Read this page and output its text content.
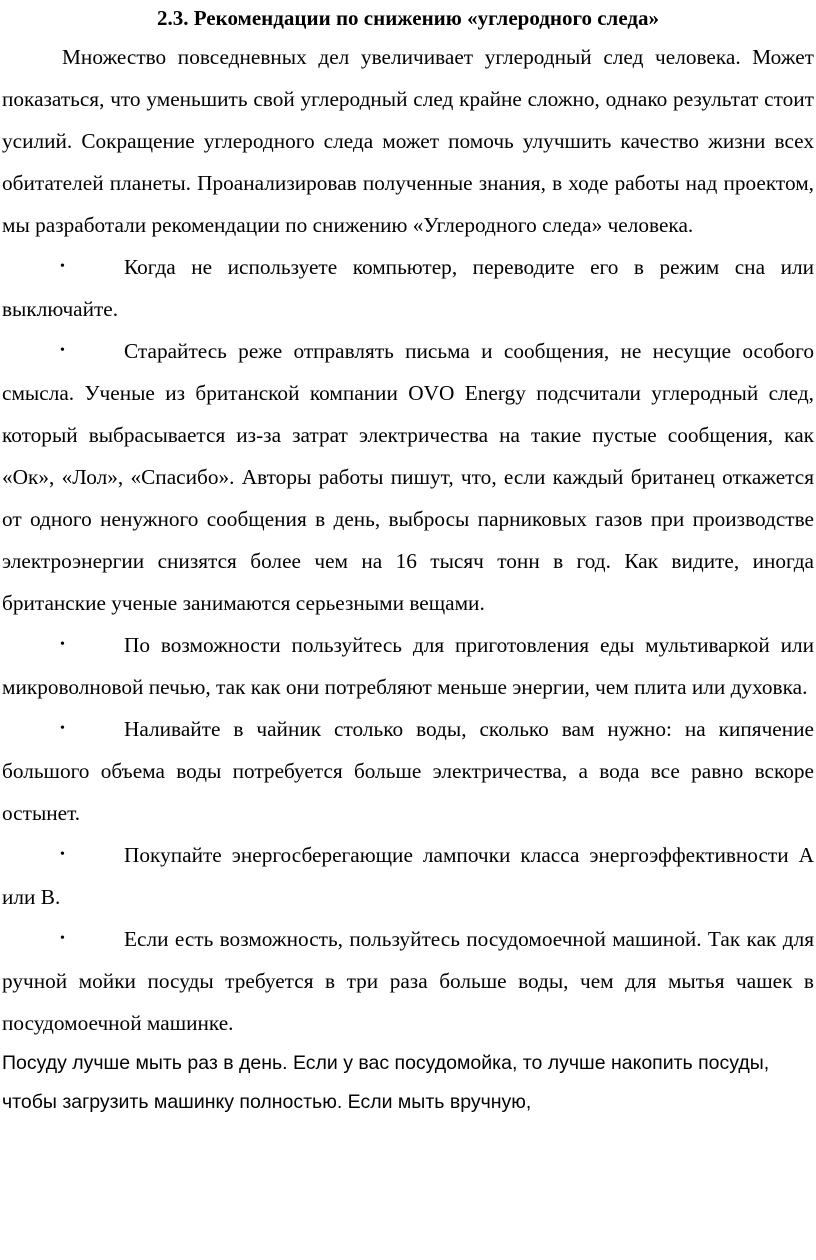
2.3. Рекомендации по снижению «углеродного следа»

Множество повседневных дел увеличивает углеродный след человека. Может показаться, что уменьшить свой углеродный след крайне сложно, однако результат стоит усилий. Сокращение углеродного следа может помочь улучшить качество жизни всех обитателей планеты. Проанализировав полученные знания, в ходе работы над проектом, мы разработали рекомендации по снижению «Углеродного следа» человека.

•	Когда не используете компьютер, переводите его в режим сна или выключайте.

•	Старайтесь реже отправлять письма и сообщения, не несущие особого смысла. Ученые из британской компании OVO Energy подсчитали углеродный след, который выбрасывается из-за затрат электричества на такие пустые сообщения, как «Ок», «Лол», «Спасибо». Авторы работы пишут, что, если каждый британец откажется от одного ненужного сообщения в день, выбросы парниковых газов при производстве электроэнергии снизятся более чем на 16 тысяч тонн в год. Как видите, иногда британские ученые занимаются серьезными вещами.

•	По возможности пользуйтесь для приготовления еды мультиваркой или микроволновой печью, так как они потребляют меньше энергии, чем плита или духовка.

•	Наливайте в чайник столько воды, сколько вам нужно: на кипячение большого объема воды потребуется больше электричества, а вода все равно вскоре остынет.

•	Покупайте энергосберегающие лампочки класса энергоэффективности А или В.

•	Если есть возможность, пользуйтесь посудомоечной машиной. Так как для ручной мойки посуды требуется в три раза больше воды, чем для мытья чашек в посудомоечной машинке.

Посуду лучше мыть раз в день. Если у вас посудомойка, то лучше накопить посуды, чтобы загрузить машинку полностью. Если мыть вручную,
